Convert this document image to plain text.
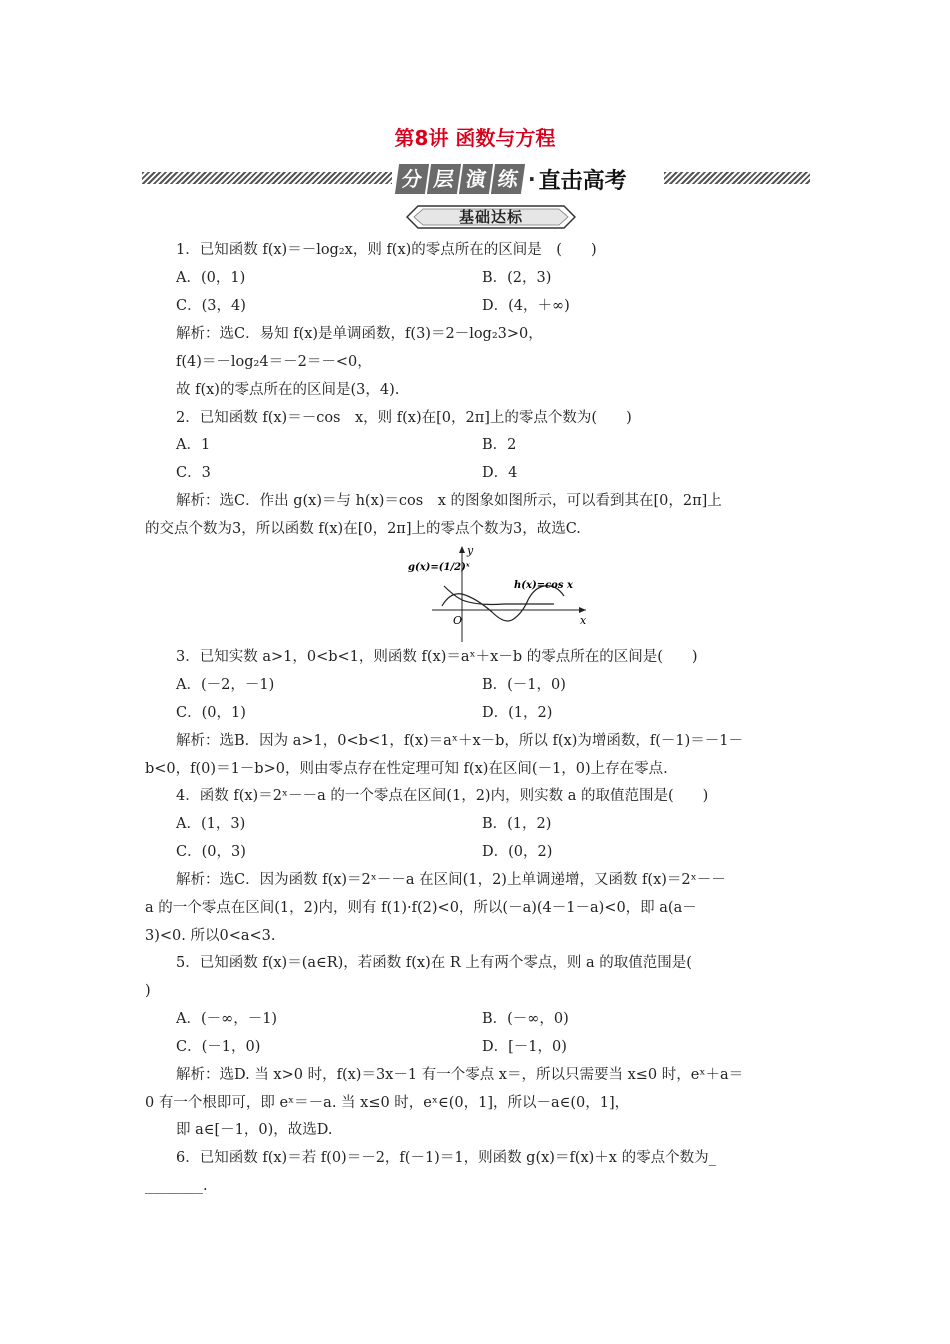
第8讲 函数与方程
分 层 演 练 · 直击高考
基础达标
1．已知函数 f(x)＝－log₂x，则 f(x)的零点所在的区间是　(　　)
A．(0，1)	B．(2，3)
C．(3，4)	D．(4，＋∞)
解析：选C．易知 f(x)是单调函数，f(3)＝2－log₂3>0，
f(4)＝－log₂4＝－2＝－<0，
故 f(x)的零点所在的区间是(3，4).
2．已知函数 f(x)＝－cos　x，则 f(x)在[0，2π]上的零点个数为(　　)
A．1	B．2
C．3	D．4
解析：选C．作出 g(x)＝与 h(x)＝cos　x 的图象如图所示，可以看到其在[0，2π]上
的交点个数为3，所以函数 f(x)在[0，2π]上的零点个数为3，故选C.
g(x)=(1/2)ˣ
h(x)=cos x
y
x
O
3．已知实数 a>1，0<b<1，则函数 f(x)＝aˣ＋x－b 的零点所在的区间是(　　)
A．(－2，－1)	B．(－1，0)
C．(0，1)	D．(1，2)
解析：选B．因为 a>1，0<b<1，f(x)＝aˣ＋x－b，所以 f(x)为增函数，f(－1)＝－1－
b<0，f(0)＝1－b>0，则由零点存在性定理可知 f(x)在区间(－1，0)上存在零点.
4．函数 f(x)＝2ˣ－－a 的一个零点在区间(1，2)内，则实数 a 的取值范围是(　　)
A．(1，3)	B．(1，2)
C．(0，3)	D．(0，2)
解析：选C．因为函数 f(x)＝2ˣ－－a 在区间(1，2)上单调递增，又函数 f(x)＝2ˣ－－
a 的一个零点在区间(1，2)内，则有 f(1)·f(2)<0，所以(－a)(4－1－a)<0，即 a(a－
3)<0. 所以0<a<3.
5．已知函数 f(x)＝(a∈R)，若函数 f(x)在 R 上有两个零点，则 a 的取值范围是(
)
A．(－∞，－1)	B．(－∞，0)
C．(－1，0)	D．[－1，0)
解析：选D. 当 x>0 时，f(x)＝3x－1 有一个零点 x＝，所以只需要当 x≤0 时，eˣ＋a＝
0 有一个根即可，即 eˣ＝－a. 当 x≤0 时，eˣ∈(0，1]，所以－a∈(0，1]，
即 a∈[－1，0)，故选D.
6．已知函数 f(x)＝若 f(0)＝－2，f(－1)＝1，则函数 g(x)＝f(x)＋x 的零点个数为_
________.
